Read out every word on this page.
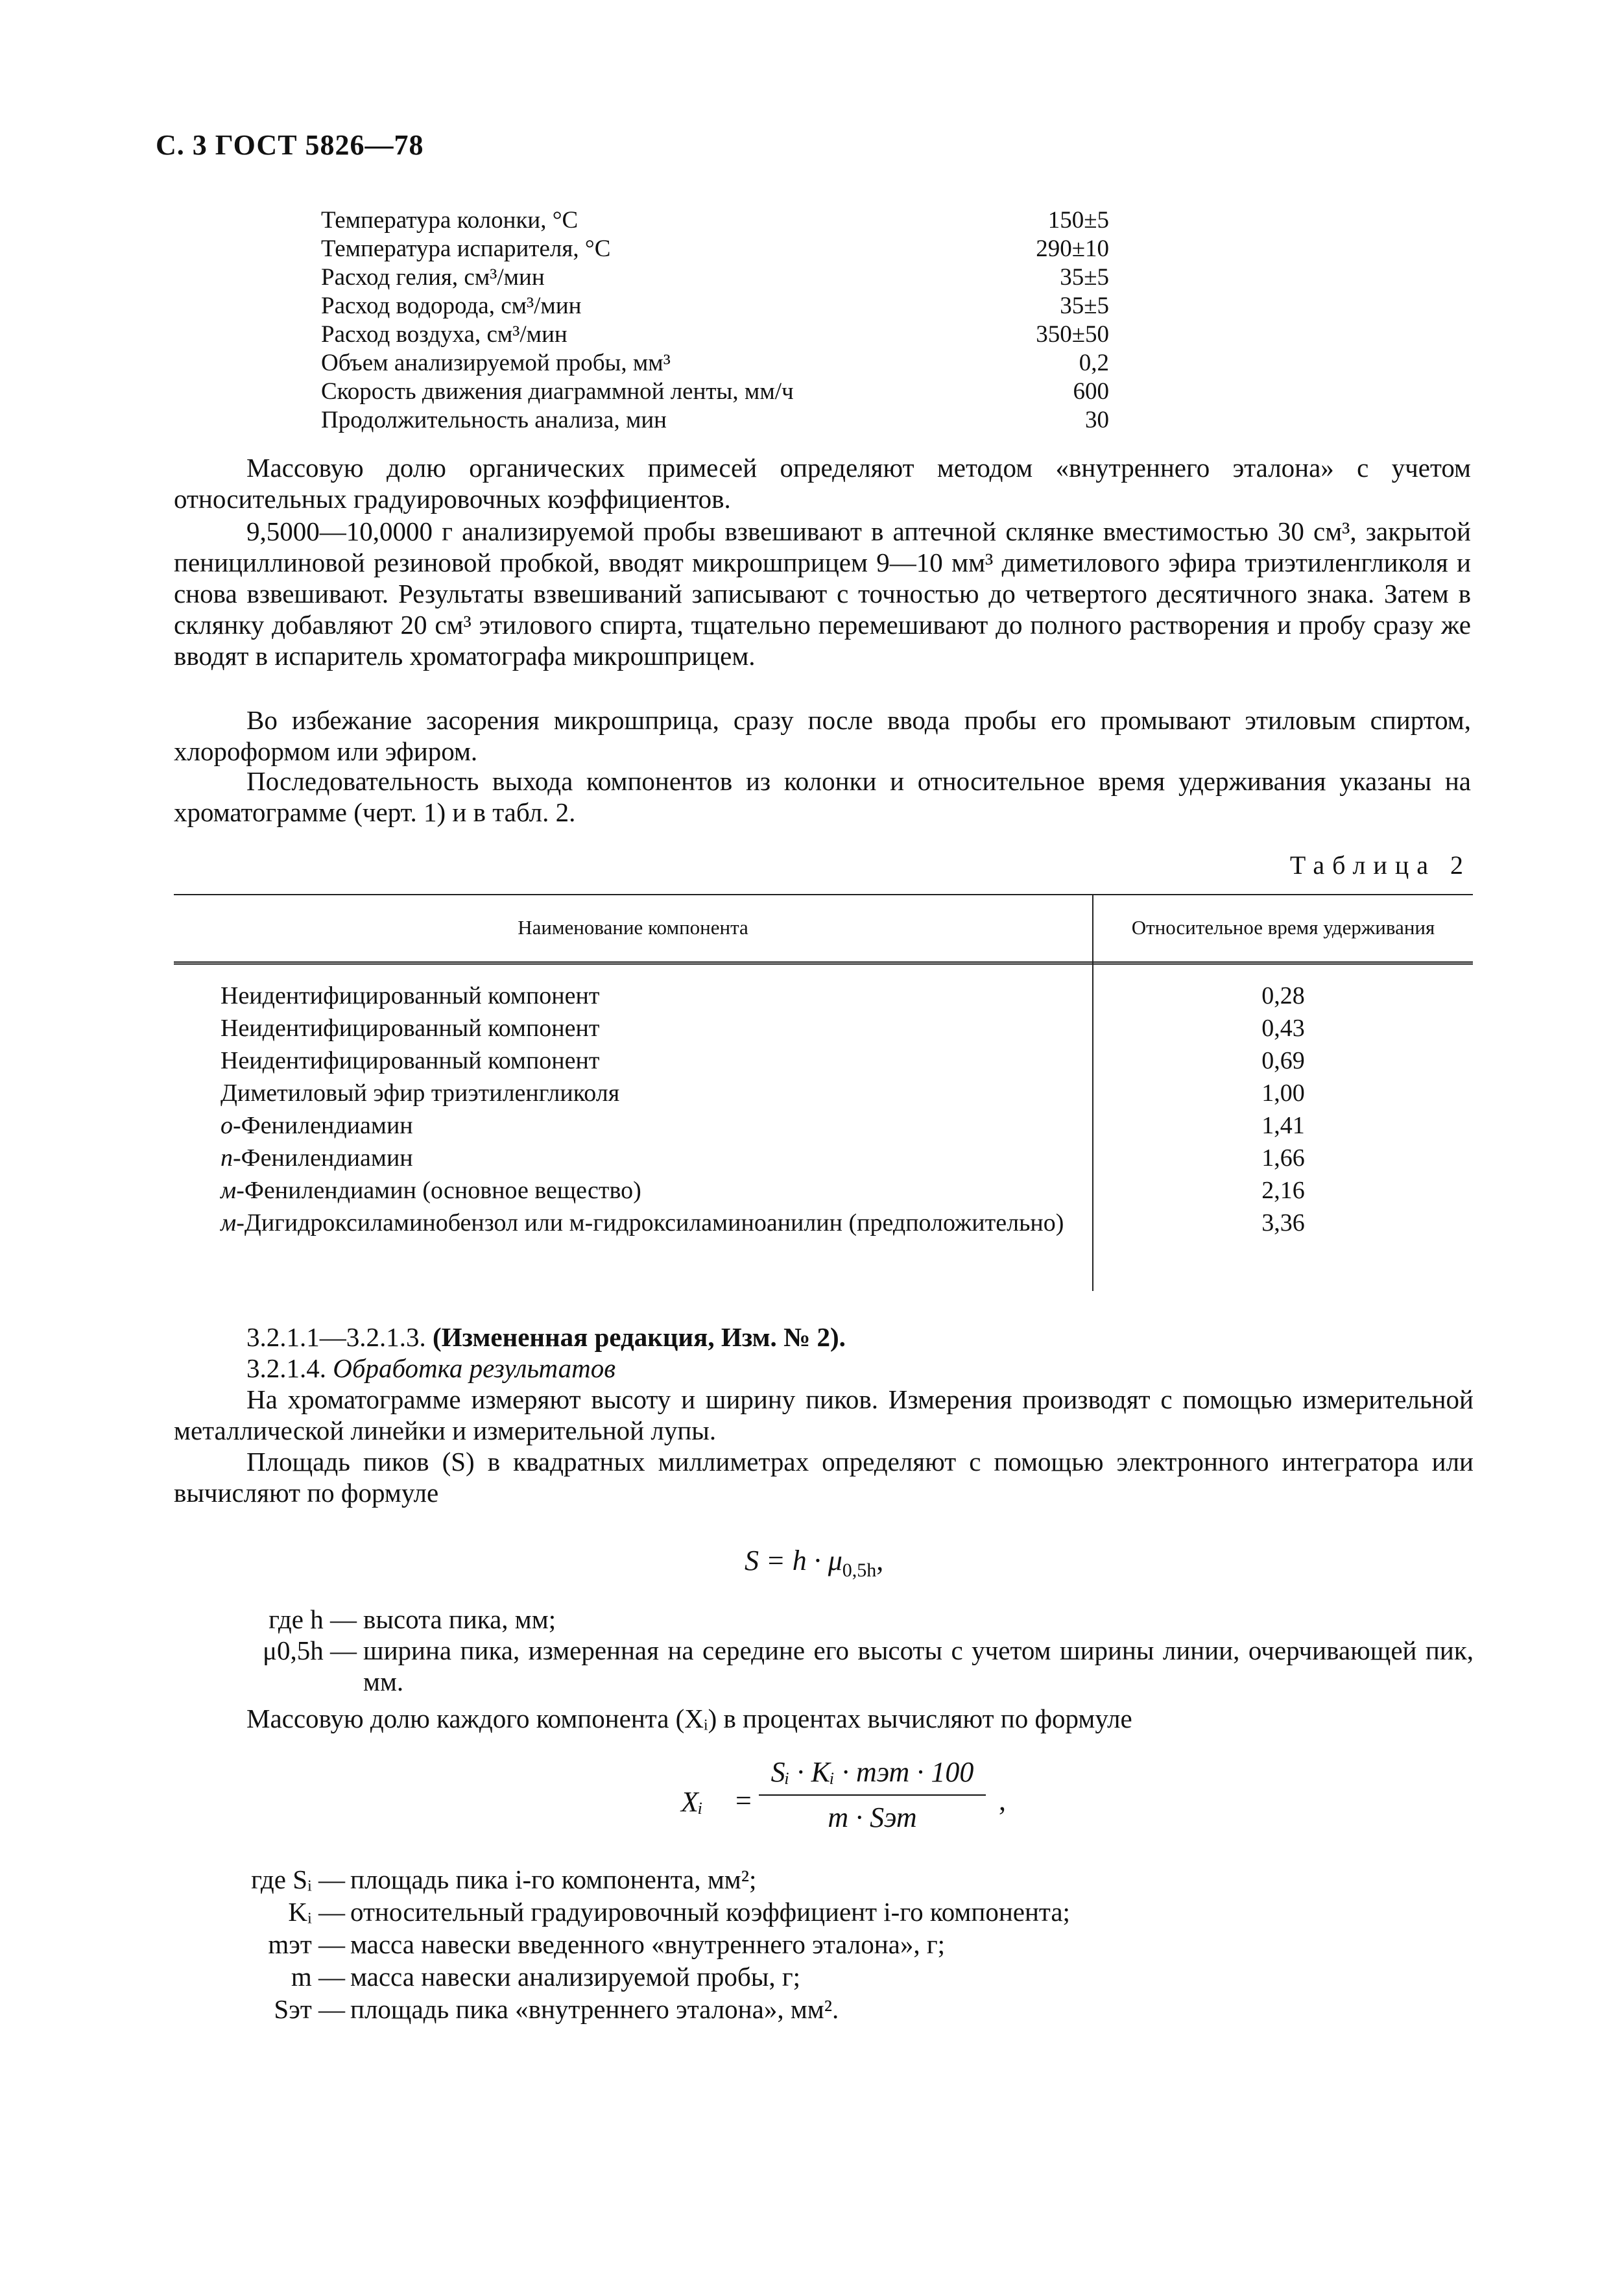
С. 3 ГОСТ 5826—78
Температура колонки, °С	150±5
Температура испарителя, °С	290±10
Расход гелия, см³/мин	35±5
Расход водорода, см³/мин	35±5
Расход воздуха, см³/мин	350±50
Объем анализируемой пробы, мм³	0,2
Скорость движения диаграммной ленты, мм/ч	600
Продолжительность анализа, мин	30
Массовую долю органических примесей определяют методом «внутреннего эталона» с учетом относительных градуировочных коэффициентов.
9,5000—10,0000 г анализируемой пробы взвешивают в аптечной склянке вместимостью 30 см³, закрытой пенициллиновой резиновой пробкой, вводят микрошприцем 9—10 мм³ диметилового эфира триэтиленгликоля и снова взвешивают. Результаты взвешиваний записывают с точностью до четвертого десятичного знака. Затем в склянку добавляют 20 см³ этилового спирта, тщательно перемешивают до полного растворения и пробу сразу же вводят в испаритель хроматографа микрошприцем.
Во избежание засорения микрошприца, сразу после ввода пробы его промывают этиловым спиртом, хлороформом или эфиром.
Последовательность выхода компонентов из колонки и относительное время удерживания указаны на хроматограмме (черт. 1) и в табл. 2.
Таблица 2
Наименование компонента	Относительное время удерживания
Неидентифицированный компонент	0,28
Неидентифицированный компонент	0,43
Неидентифицированный компонент	0,69
Диметиловый эфир триэтиленгликоля	1,00
о-Фенилендиамин	1,41
п-Фенилендиамин	1,66
м-Фенилендиамин (основное вещество)	2,16
м-Дигидроксиламинобензол или м-гидроксиламиноанилин (предположительно)	3,36
3.2.1.1—3.2.1.3. (Измененная редакция, Изм. № 2).
3.2.1.4. Обработка результатов
На хроматограмме измеряют высоту и ширину пиков. Измерения производят с помощью измерительной металлической линейки и измерительной лупы.
Площадь пиков (S) в квадратных миллиметрах определяют с помощью электронного интегратора или вычисляют по формуле
$S = h \cdot \mu_{0,5h}$,
где h — высота пика, мм;
μ0,5h — ширина пика, измеренная на середине его высоты с учетом ширины линии, очерчивающей пик, мм.
Массовую долю каждого компонента (Xᵢ) в процентах вычисляют по формуле
Xᵢ =
Sᵢ · Kᵢ · mэт · 100
m · Sэт
,
где Sᵢ — площадь пика i-го компонента, мм²;
Kᵢ — относительный градуировочный коэффициент i-го компонента;
mэт — масса навески введенного «внутреннего эталона», г;
m — масса навески анализируемой пробы, г;
Sэт — площадь пика «внутреннего эталона», мм².
